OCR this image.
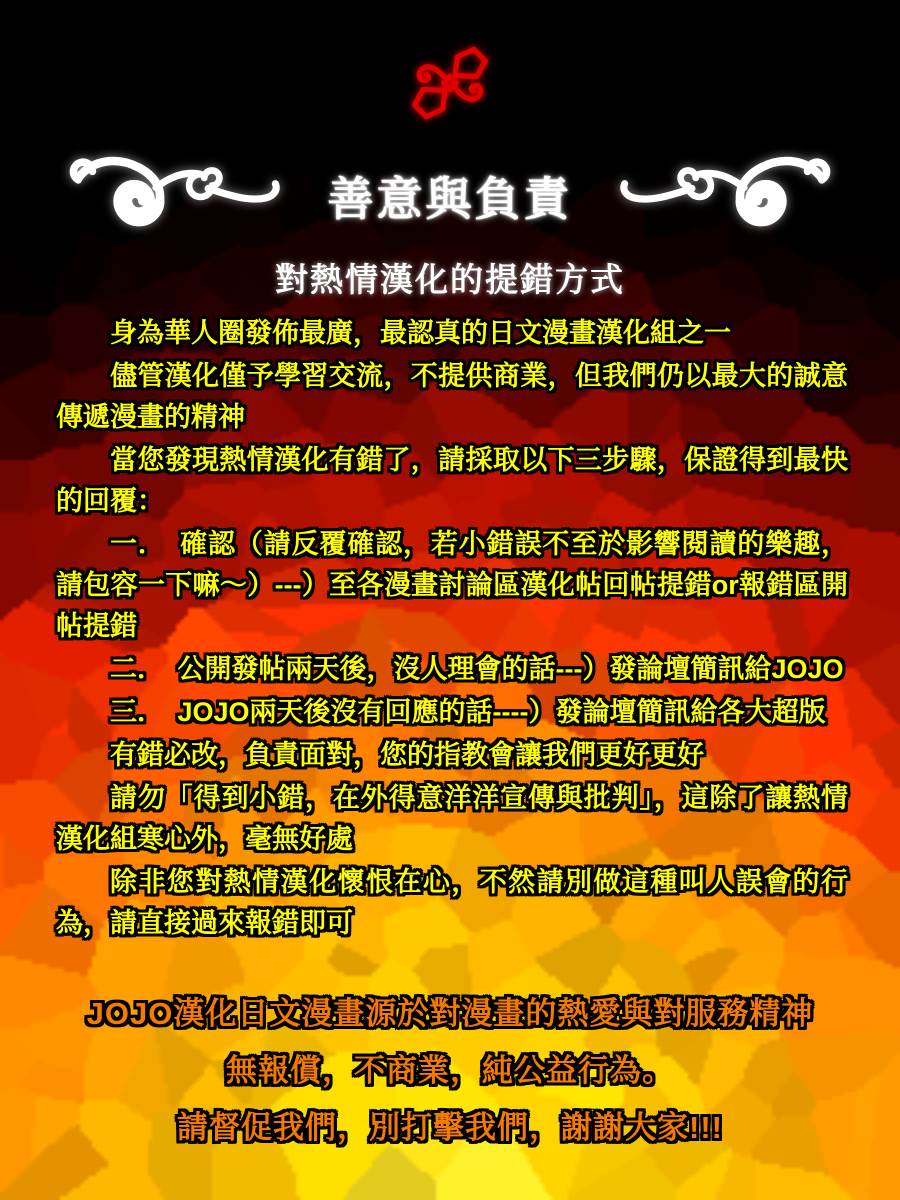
善意與負責
對熱情漢化的提錯方式

身為華人圈發佈最廣，最認真的日文漫畫漢化組之一

儘管漢化僅予學習交流，不提供商業，但我們仍以最大的誠意傳遞漫畫的精神

當您發現熱情漢化有錯了，請採取以下三步驟，保證得到最快的回覆：

一．　確認（請反覆確認，若小錯誤不至於影響閱讀的樂趣，請包容一下嘛～）---）至各漫畫討論區漢化帖回帖提錯or報錯區開帖提錯

二．　公開發帖兩天後，沒人理會的話---）發論壇簡訊給JOJO

三．　JOJO兩天後沒有回應的話----）發論壇簡訊給各大超版

有錯必改，負責面對，您的指教會讓我們更好更好

請勿「得到小錯，在外得意洋洋宣傳與批判」，這除了讓熱情漢化組寒心外，毫無好處

除非您對熱情漢化懷恨在心，不然請別做這種叫人誤會的行為，請直接過來報錯即可

JOJO漢化日文漫畫源於對漫畫的熱愛與對服務精神
無報償，不商業，純公益行為。
請督促我們，別打擊我們，謝謝大家!!!
